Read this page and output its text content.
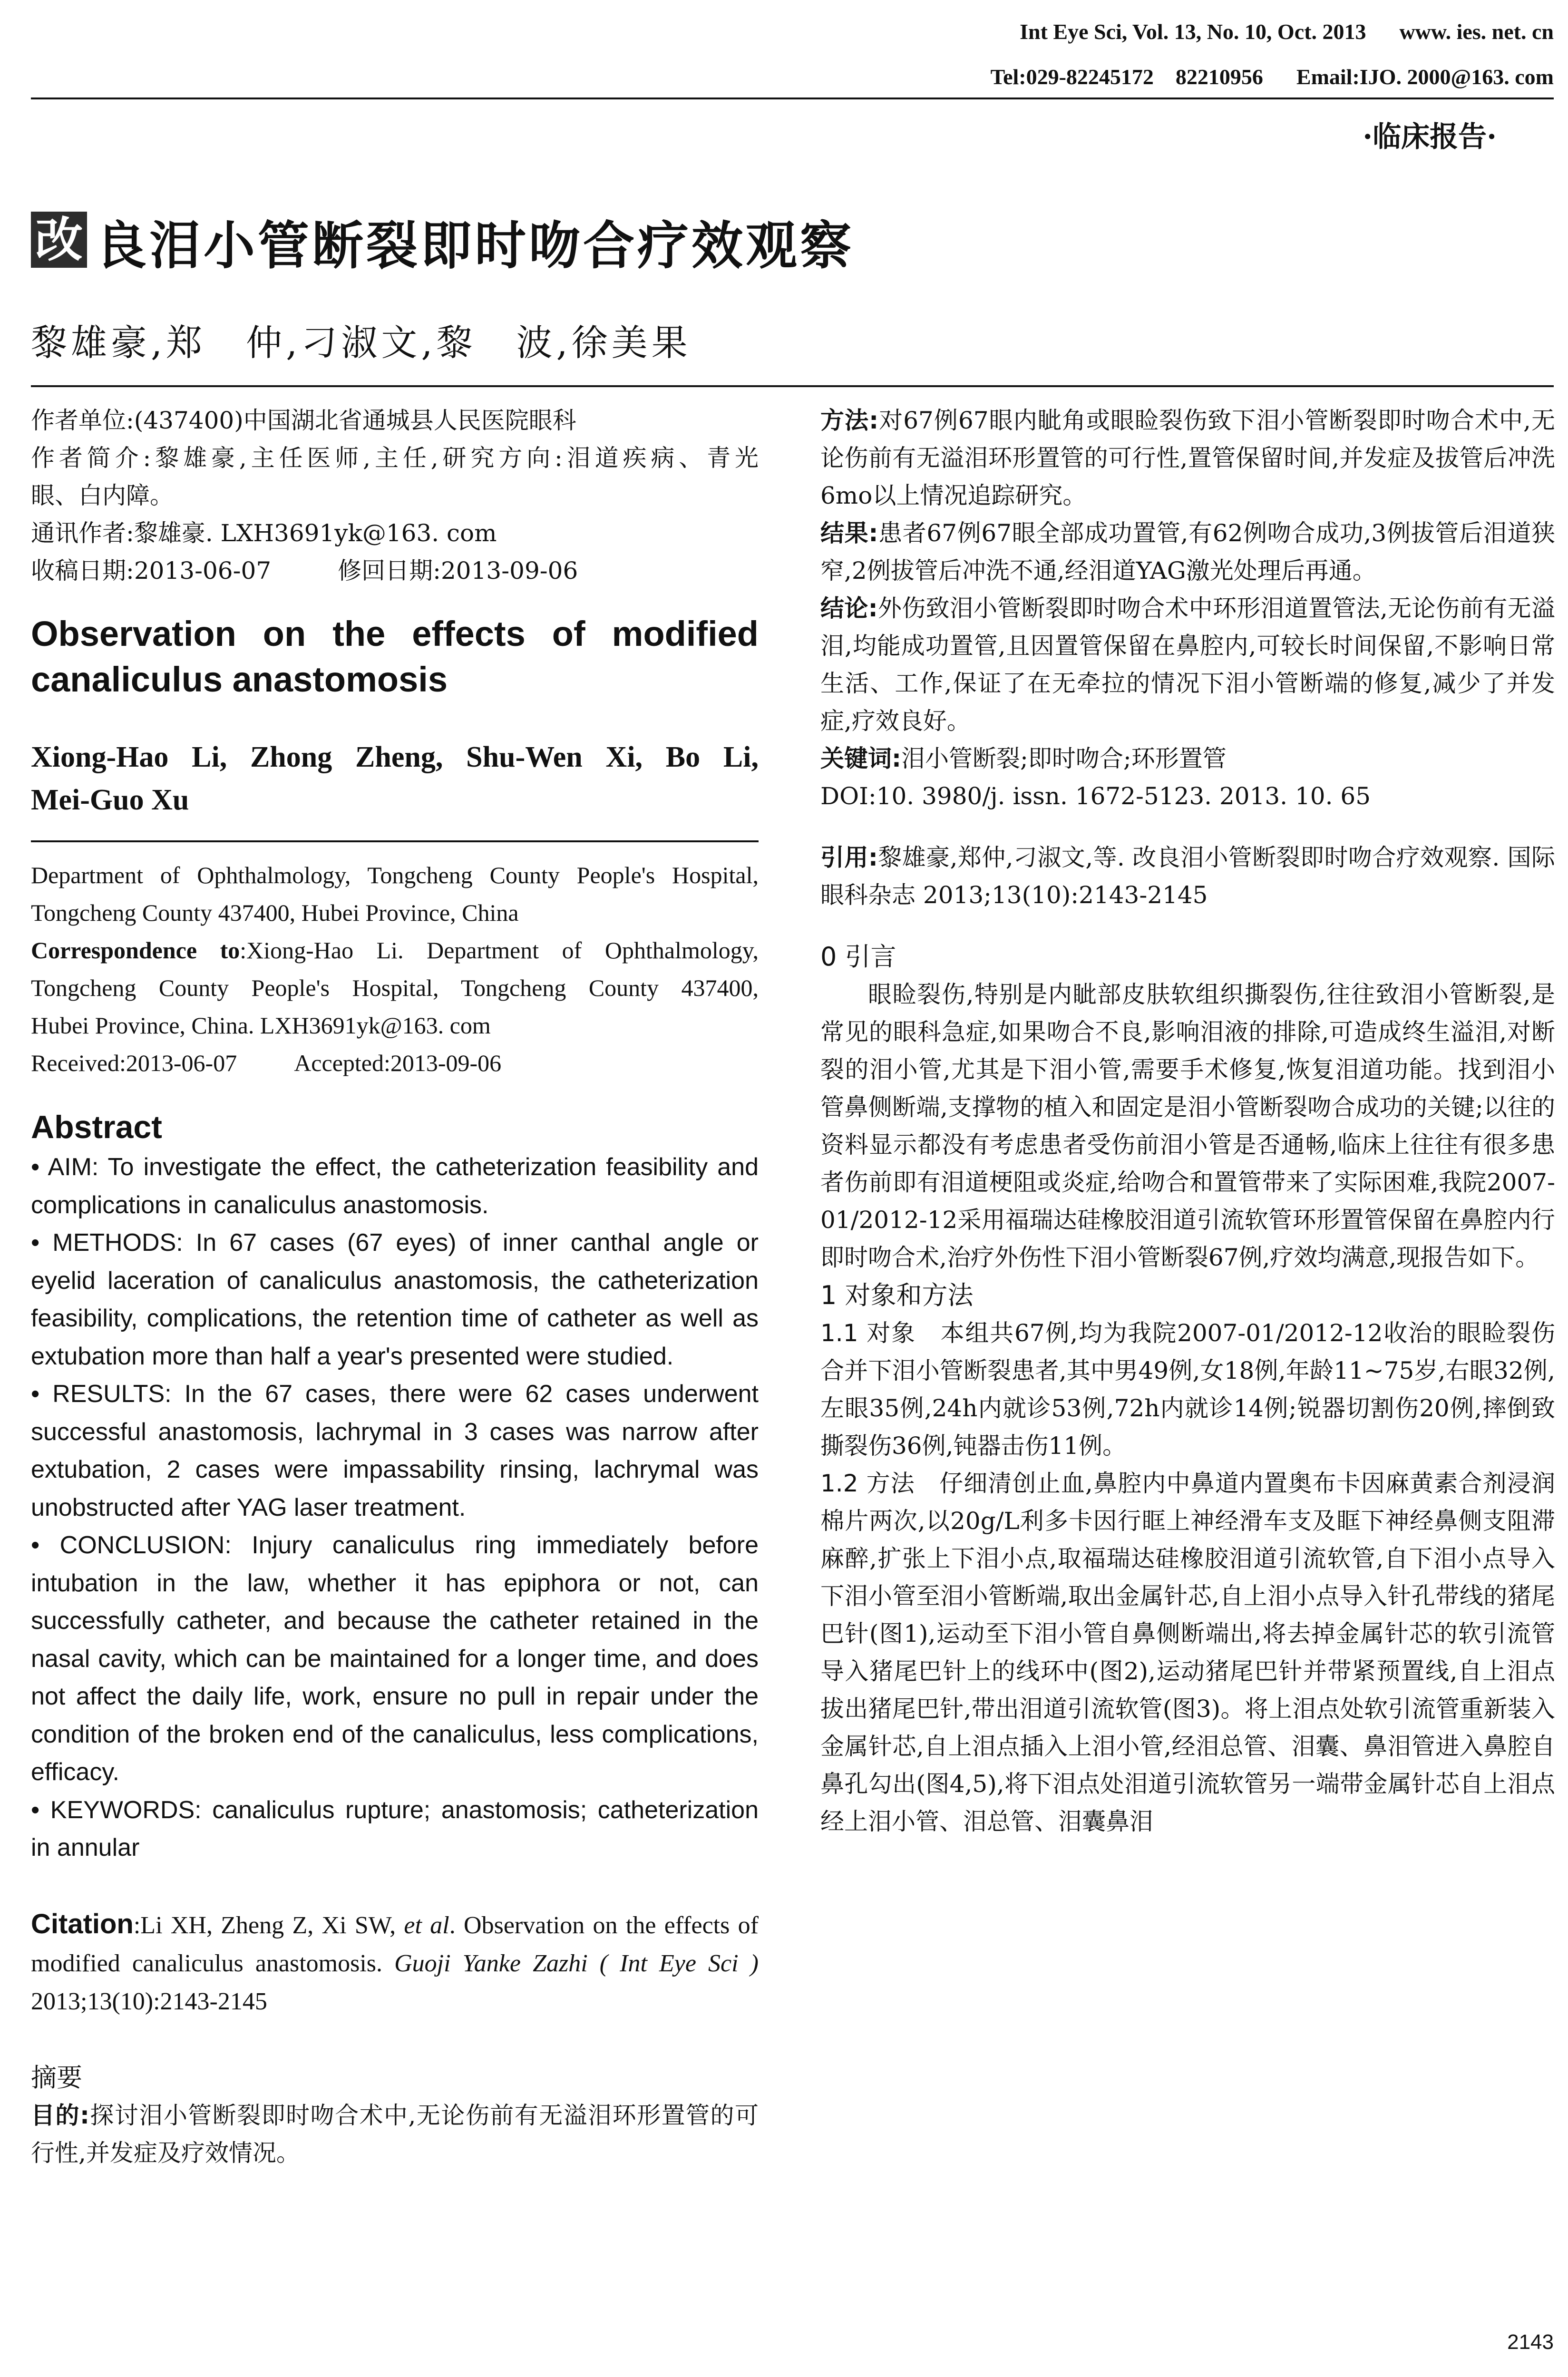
Int Eye Sci, Vol. 13, No. 10, Oct. 2013 www. ies. net. cn
Tel:029-82245172　82210956 Email:IJO. 2000@163. com
·临床报告·
改 良泪小管断裂即时吻合疗效观察
黎雄豪,郑　仲,刁淑文,黎　波,徐美果
作者单位:(437400)中国湖北省通城县人民医院眼科
作者简介:黎雄豪,主任医师,主任,研究方向:泪道疾病、青光
眼、白内障。
通讯作者:黎雄豪. LXH3691yk@163. com
收稿日期:2013-06-07	修回日期:2013-09-06
Observation on the effects of modified
canaliculus anastomosis
Xiong-Hao Li, Zhong Zheng, Shu-Wen Xi, Bo Li,
Mei-Guo Xu
Department of Ophthalmology, Tongcheng County People's Hospital,
Tongcheng County 437400, Hubei Province, China
Correspondence to:Xiong-Hao Li. Department of Ophthalmology,
Tongcheng County People's Hospital, Tongcheng County 437400,
Hubei Province, China. LXH3691yk@163. com
Received:2013-06-07 Accepted:2013-09-06
Abstract
• AIM: To investigate the effect, the catheterization feasibility and complications in canaliculus anastomosis.
• METHODS: In 67 cases (67 eyes) of inner canthal angle or eyelid laceration of canaliculus anastomosis, the catheterization feasibility, complications, the retention time of catheter as well as extubation more than half a year's presented were studied.
• RESULTS: In the 67 cases, there were 62 cases underwent successful anastomosis, lachrymal in 3 cases was narrow after extubation, 2 cases were impassability rinsing, lachrymal was unobstructed after YAG laser treatment.
• CONCLUSION: Injury canaliculus ring immediately before intubation in the law, whether it has epiphora or not, can successfully catheter, and because the catheter retained in the nasal cavity, which can be maintained for a longer time, and does not affect the daily life, work, ensure no pull in repair under the condition of the broken end of the canaliculus, less complications, efficacy.
• KEYWORDS: canaliculus rupture; anastomosis; catheterization in annular
Citation:Li XH, Zheng Z, Xi SW, et al. Observation on the effects of modified canaliculus anastomosis. Guoji Yanke Zazhi ( Int Eye Sci ) 2013;13(10):2143-2145
摘要
目的:探讨泪小管断裂即时吻合术中,无论伤前有无溢泪环形置管的可行性,并发症及疗效情况。
方法:对67例67眼内眦角或眼睑裂伤致下泪小管断裂即时吻合术中,无论伤前有无溢泪环形置管的可行性,置管保留时间,并发症及拔管后冲洗6mo以上情况追踪研究。
结果:患者67例67眼全部成功置管,有62例吻合成功,3例拔管后泪道狭窄,2例拔管后冲洗不通,经泪道YAG激光处理后再通。
结论:外伤致泪小管断裂即时吻合术中环形泪道置管法,无论伤前有无溢泪,均能成功置管,且因置管保留在鼻腔内,可较长时间保留,不影响日常生活、工作,保证了在无牵拉的情况下泪小管断端的修复,减少了并发症,疗效良好。
关键词:泪小管断裂;即时吻合;环形置管
DOI:10. 3980/j. issn. 1672-5123. 2013. 10. 65
引用:黎雄豪,郑仲,刁淑文,等. 改良泪小管断裂即时吻合疗效观察. 国际眼科杂志 2013;13(10):2143-2145
0 引言
眼睑裂伤,特别是内眦部皮肤软组织撕裂伤,往往致泪小管断裂,是常见的眼科急症,如果吻合不良,影响泪液的排除,可造成终生溢泪,对断裂的泪小管,尤其是下泪小管,需要手术修复,恢复泪道功能。找到泪小管鼻侧断端,支撑物的植入和固定是泪小管断裂吻合成功的关键;以往的资料显示都没有考虑患者受伤前泪小管是否通畅,临床上往往有很多患者伤前即有泪道梗阻或炎症,给吻合和置管带来了实际困难,我院2007-01/2012-12采用福瑞达硅橡胶泪道引流软管环形置管保留在鼻腔内行即时吻合术,治疗外伤性下泪小管断裂67例,疗效均满意,现报告如下。
1 对象和方法
1.1 对象 本组共67例,均为我院2007-01/2012-12收治的眼睑裂伤合并下泪小管断裂患者,其中男49例,女18例,年龄11~75岁,右眼32例,左眼35例,24h内就诊53例,72h内就诊14例;锐器切割伤20例,摔倒致撕裂伤36例,钝器击伤11例。
1.2 方法 仔细清创止血,鼻腔内中鼻道内置奥布卡因麻黄素合剂浸润棉片两次,以20g/L利多卡因行眶上神经滑车支及眶下神经鼻侧支阻滞麻醉,扩张上下泪小点,取福瑞达硅橡胶泪道引流软管,自下泪小点导入下泪小管至泪小管断端,取出金属针芯,自上泪小点导入针孔带线的猪尾巴针(图1),运动至下泪小管自鼻侧断端出,将去掉金属针芯的软引流管导入猪尾巴针上的线环中(图2),运动猪尾巴针并带紧预置线,自上泪点拔出猪尾巴针,带出泪道引流软管(图3)。将上泪点处软引流管重新装入金属针芯,自上泪点插入上泪小管,经泪总管、泪囊、鼻泪管进入鼻腔自鼻孔勾出(图4,5),将下泪点处泪道引流软管另一端带金属针芯自上泪点经上泪小管、泪总管、泪囊鼻泪
2143
